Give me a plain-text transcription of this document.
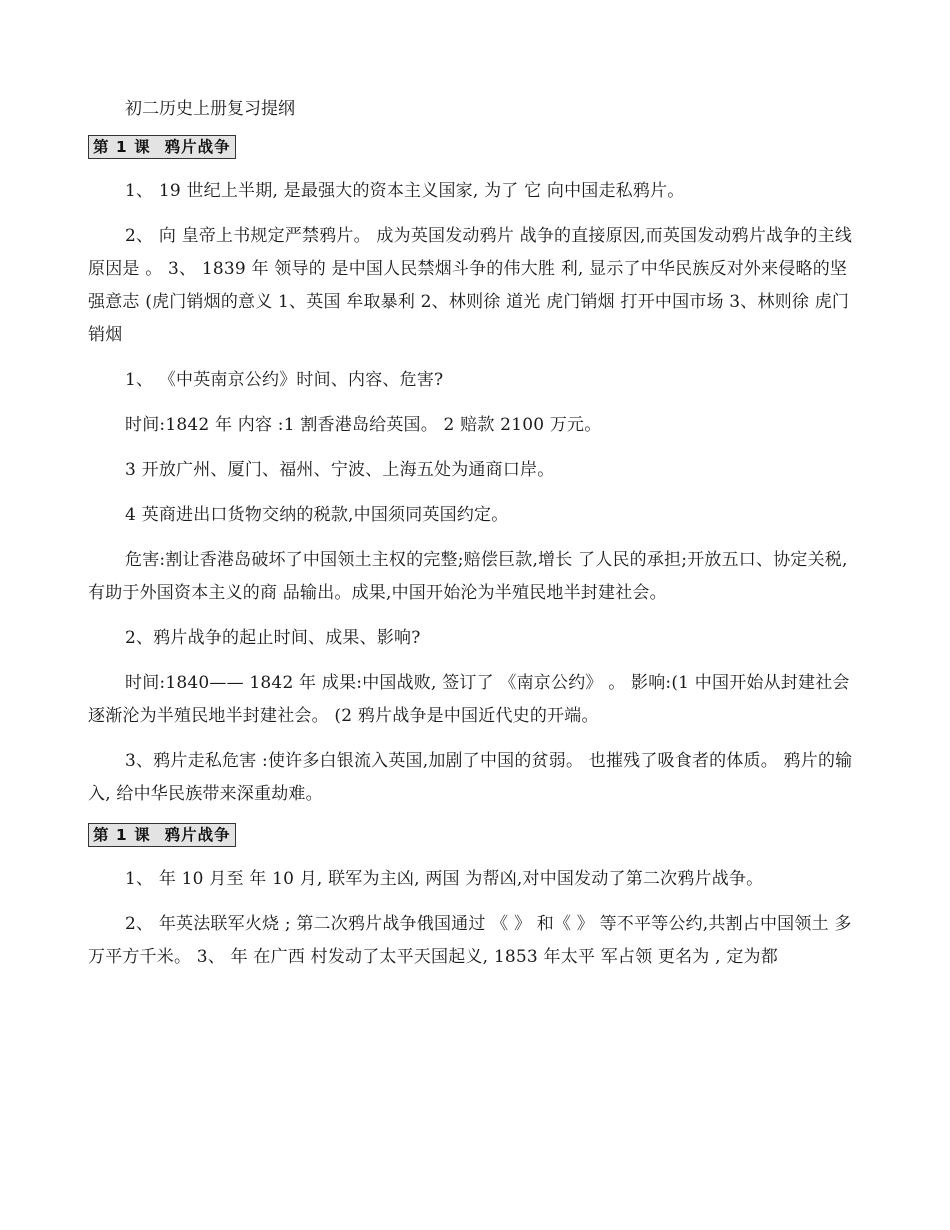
初二历史上册复习提纲

第 1 课 鸦片战争

1、 19 世纪上半期, 是最强大的资本主义国家, 为了 它 向中国走私鸦片。

2、 向 皇帝上书规定严禁鸦片。 成为英国发动鸦片 战争的直接原因,而英国发动鸦片战争的主线原因是 。 3、 1839 年 领导的 是中国人民禁烟斗争的伟大胜 利, 显示了中华民族反对外来侵略的坚强意志 (虎门销烟的意义 1、英国 牟取暴利 2、林则徐 道光 虎门销烟 打开中国市场 3、林则徐 虎门销烟

1、 《中英南京公约》时间、内容、危害?

时间:1842 年 内容 :1 割香港岛给英国。 2 赔款 2100 万元。

3 开放广州、厦门、福州、宁波、上海五处为通商口岸。

4 英商进出口货物交纳的税款,中国须同英国约定。

危害:割让香港岛破坏了中国领土主权的完整;赔偿巨款,增长 了人民的承担;开放五口、协定关税,有助于外国资本主义的商 品输出。成果,中国开始沦为半殖民地半封建社会。

2、鸦片战争的起止时间、成果、影响?

时间:1840—— 1842 年 成果:中国战败, 签订了 《南京公约》 。 影响:(1 中国开始从封建社会逐渐沦为半殖民地半封建社会。 (2 鸦片战争是中国近代史的开端。

3、鸦片走私危害 :使许多白银流入英国,加剧了中国的贫弱。 也摧残了吸食者的体质。 鸦片的输入, 给中华民族带来深重劫难。

第 1 课 鸦片战争

1、 年 10 月至 年 10 月, 联军为主凶, 两国 为帮凶,对中国发动了第二次鸦片战争。

2、 年英法联军火烧 ; 第二次鸦片战争俄国通过 《 》 和《 》 等不平等公约,共割占中国领土 多万平方千米。 3、 年 在广西 村发动了太平天国起义, 1853 年太平 军占领 更名为 , 定为都
